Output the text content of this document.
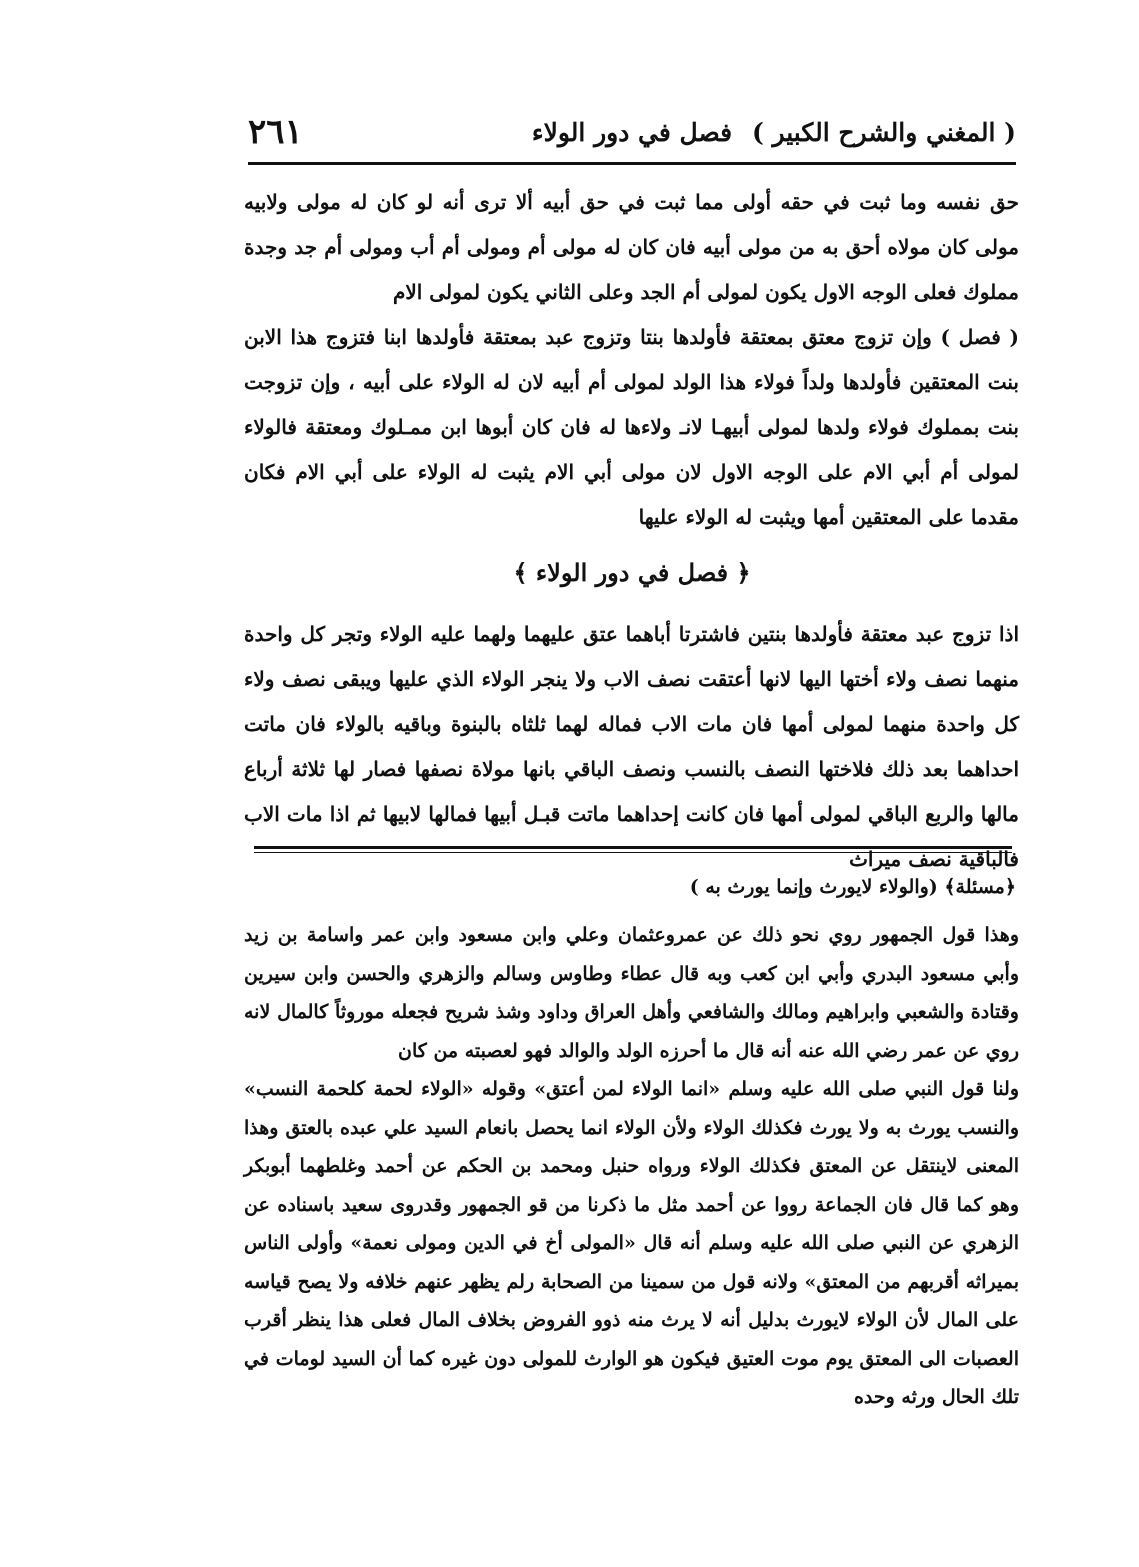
( المغني والشرح الكبير )
فصل في دور الولاء
٢٦١

حق نفسه وما ثبت في حقه أولى مما ثبت في حق أبيه ألا ترى أنه لو كان له مولى ولابيه مولى كان مولاه أحق به من مولى أبيه فان كان له مولى أم ومولى أم أب ومولى أم جد وجدة مملوك فعلى الوجه الاول يكون لمولى أم الجد وعلى الثاني يكون لمولى الام

( فصل ) وإن تزوج معتق بمعتقة فأولدها بنتا وتزوج عبد بمعتقة فأولدها ابنا فتزوج هذا الابن بنت المعتقين فأولدها ولداً فولاء هذا الولد لمولى أم أبيه لان له الولاء على أبيه ، وإن تزوجت بنت بمملوك فولاء ولدها لمولى أبيهـا لانـ ولاءها له فان كان أبوها ابن ممـلوك ومعتقة فالولاء لمولى أم أبي الام على الوجه الاول لان مولى أبي الام يثبت له الولاء على أبي الام فكان مقدما على المعتقين أمها ويثبت له الولاء عليها

﴿ فصل في دور الولاء ﴾

اذا تزوج عبد معتقة فأولدها بنتين فاشترتا أباهما عتق عليهما ولهما عليه الولاء وتجر كل واحدة منهما نصف ولاء أختها اليها لانها أعتقت نصف الاب ولا ينجر الولاء الذي عليها ويبقى نصف ولاء كل واحدة منهما لمولى أمها فان مات الاب فماله لهما ثلثاه بالبنوة وباقيه بالولاء فان ماتت احداهما بعد ذلك فلاختها النصف بالنسب ونصف الباقي بانها مولاة نصفها فصار لها ثلاثة أرباع مالها والربع الباقي لمولى أمها فان كانت إحداهما ماتت قبـل أبيها فمالها لابيها ثم اذا مات الاب فالباقية نصف ميراث

﴿مسئلة﴾ (والولاء لايورث وإنما يورث به )

وهذا قول الجمهور روي نحو ذلك عن عمروعثمان وعلي وابن مسعود وابن عمر واسامة بن زيد وأبي مسعود البدري وأبي ابن كعب وبه قال عطاء وطاوس وسالم والزهري والحسن وابن سيرين وقتادة والشعبي وابراهيم ومالك والشافعي وأهل العراق وداود وشذ شريح فجعله موروثاً كالمال لانه روي عن عمر رضي الله عنه أنه قال ما أحرزه الولد والوالد فهو لعصبته من كان

ولنا قول النبي صلى الله عليه وسلم «انما الولاء لمن أعتق» وقوله «الولاء لحمة كلحمة النسب» والنسب يورث به ولا يورث فكذلك الولاء ولأن الولاء انما يحصل بانعام السيد علي عبده بالعتق وهذا المعنى لاينتقل عن المعتق فكذلك الولاء ورواه حنبل ومحمد بن الحكم عن أحمد وغلطهما أبوبكر وهو كما قال فان الجماعة رووا عن أحمد مثل ما ذكرنا من قو الجمهور وقدروى سعيد باسناده عن الزهري عن النبي صلى الله عليه وسلم أنه قال «المولى أخ في الدين ومولى نعمة» وأولى الناس بميراثه أقربهم من المعتق» ولانه قول من سمينا من الصحابة رلم يظهر عنهم خلافه ولا يصح قياسه على المال لأن الولاء لايورث بدليل أنه لا يرث منه ذوو الفروض بخلاف المال فعلى هذا ينظر أقرب العصبات الى المعتق يوم موت العتيق فيكون هو الوارث للمولى دون غيره كما أن السيد لومات في تلك الحال ورثه وحده
